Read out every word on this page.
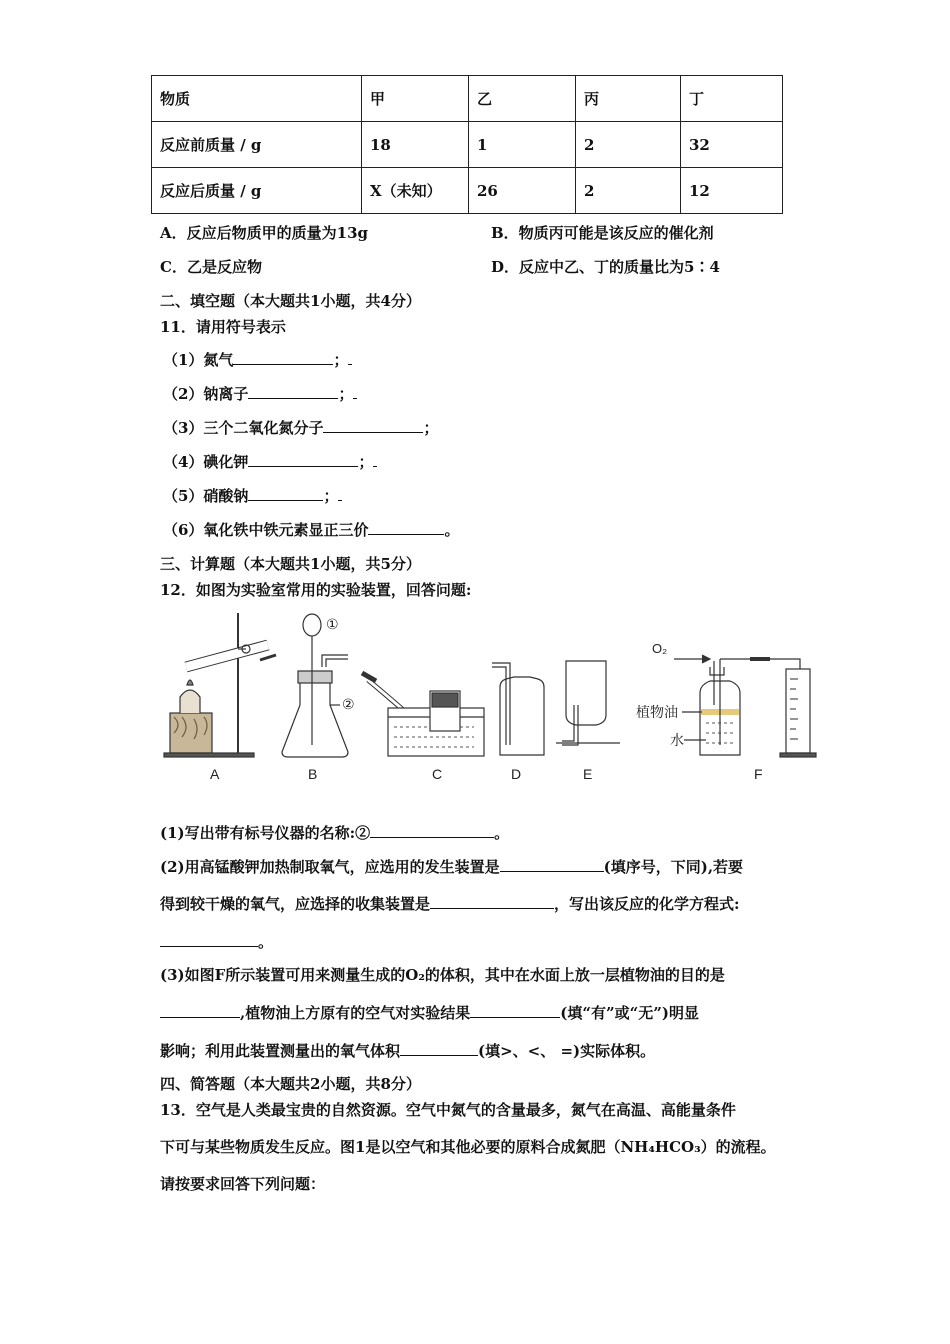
物质	甲	乙	丙	丁
反应前质量 / g	18	1	2	32
反应后质量 / g	X（未知）	26	2	12
A．反应后物质甲的质量为13g	B．物质丙可能是该反应的催化剂
C．乙是反应物	D．反应中乙、丁的质量比为5∶4
二、填空题（本大题共1小题，共4分）
11．请用符号表示
（1）氮气	；
（2）钠离子	；
（3）三个二氧化氮分子	；
（4）碘化钾	；
（5）硝酸钠	；
（6）氧化铁中铁元素显正三价	。
三、计算题（本大题共1小题，共5分）
12．如图为实验室常用的实验装置，回答问题:
①
②
O₂
植物油
水
A	B	C	D	E	F
(1)写出带有标号仪器的名称:②	。
(2)用高锰酸钾加热制取氧气，应选用的发生装置是	(填序号，下同),若要
得到较干燥的氧气，应选择的收集装置是	，写出该反应的化学方程式:
。
(3)如图F所示装置可用来测量生成的O₂的体积，其中在水面上放一层植物油的目的是
,植物油上方原有的空气对实验结果	(填“有”或“无”)明显
影响；利用此装置测量出的氧气体积	(填>、<、 =)实际体积。
四、简答题（本大题共2小题，共8分）
13．空气是人类最宝贵的自然资源。空气中氮气的含量最多，氮气在高温、高能量条件
下可与某些物质发生反应。图1是以空气和其他必要的原料合成氮肥（NH₄HCO₃）的流程。
请按要求回答下列问题：
